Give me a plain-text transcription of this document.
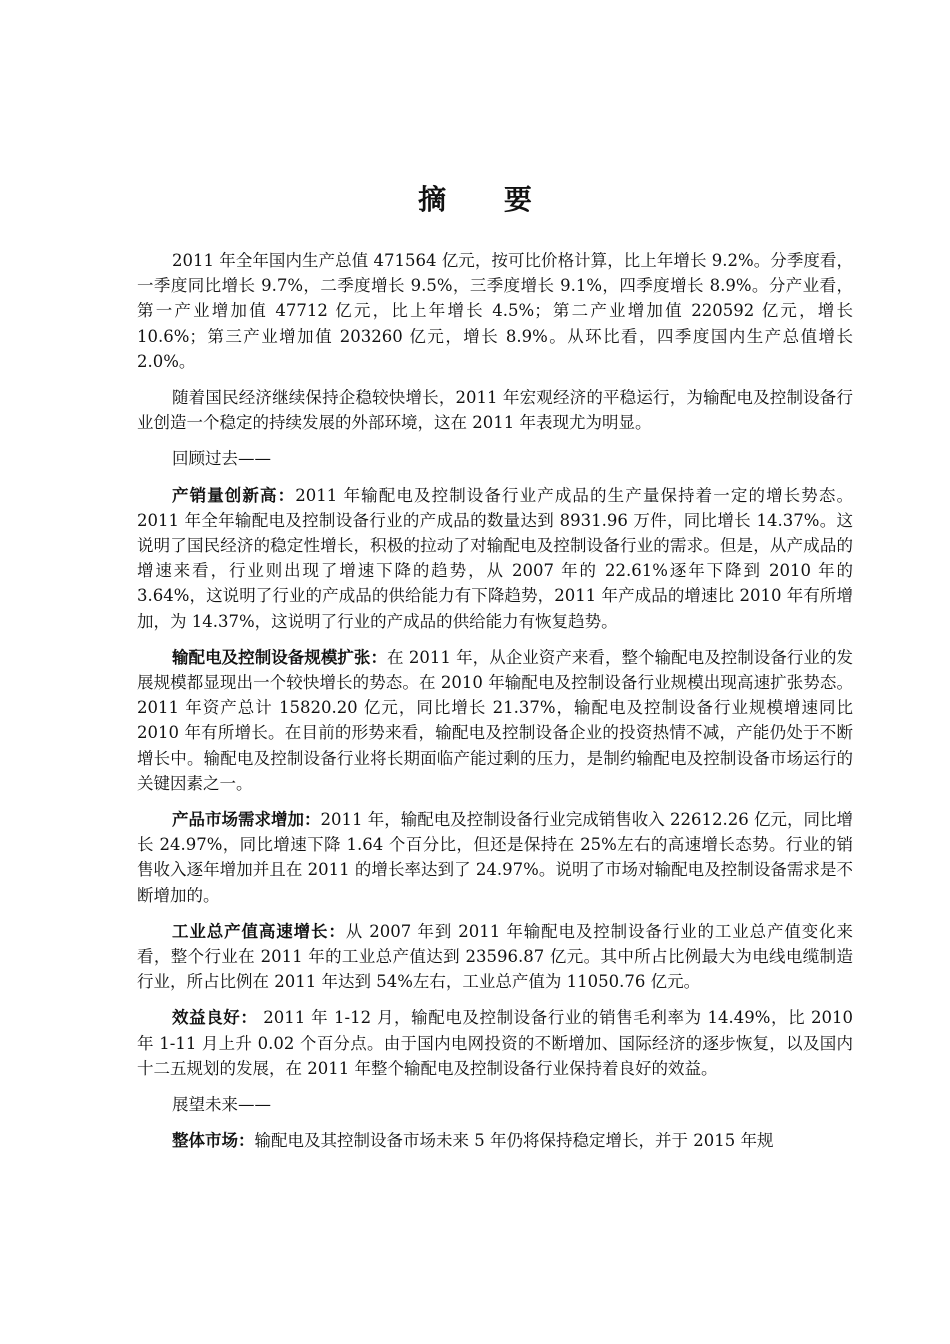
摘 要

2011 年全年国内生产总值 471564 亿元，按可比价格计算，比上年增长 9.2%。分季度看，一季度同比增长 9.7%，二季度增长 9.5%，三季度增长 9.1%，四季度增长 8.9%。分产业看，第一产业增加值 47712 亿元，比上年增长 4.5%；第二产业增加值 220592 亿元，增长 10.6%；第三产业增加值 203260 亿元，增长 8.9%。从环比看，四季度国内生产总值增长 2.0%。

随着国民经济继续保持企稳较快增长，2011 年宏观经济的平稳运行，为输配电及控制设备行业创造一个稳定的持续发展的外部环境，这在 2011 年表现尤为明显。

回顾过去——

产销量创新高：2011 年输配电及控制设备行业产成品的生产量保持着一定的增长势态。2011 年全年输配电及控制设备行业的产成品的数量达到 8931.96 万件，同比增长 14.37%。这说明了国民经济的稳定性增长，积极的拉动了对输配电及控制设备行业的需求。但是，从产成品的增速来看，行业则出现了增速下降的趋势，从 2007 年的 22.61%逐年下降到 2010 年的 3.64%，这说明了行业的产成品的供给能力有下降趋势，2011 年产成品的增速比 2010 年有所增加，为 14.37%，这说明了行业的产成品的供给能力有恢复趋势。

输配电及控制设备规模扩张：在 2011 年，从企业资产来看，整个输配电及控制设备行业的发展规模都显现出一个较快增长的势态。在 2010 年输配电及控制设备行业规模出现高速扩张势态。2011 年资产总计 15820.20 亿元，同比增长 21.37%，输配电及控制设备行业规模增速同比 2010 年有所增长。在目前的形势来看，输配电及控制设备企业的投资热情不减，产能仍处于不断增长中。输配电及控制设备行业将长期面临产能过剩的压力，是制约输配电及控制设备市场运行的关键因素之一。

产品市场需求增加：2011 年，输配电及控制设备行业完成销售收入 22612.26 亿元，同比增长 24.97%，同比增速下降 1.64 个百分比，但还是保持在 25%左右的高速增长态势。行业的销售收入逐年增加并且在 2011 的增长率达到了 24.97%。说明了市场对输配电及控制设备需求是不断增加的。

工业总产值高速增长：从 2007 年到 2011 年输配电及控制设备行业的工业总产值变化来看，整个行业在 2011 年的工业总产值达到 23596.87 亿元。其中所占比例最大为电线电缆制造行业，所占比例在 2011 年达到 54%左右，工业总产值为 11050.76 亿元。

效益良好： 2011 年 1-12 月，输配电及控制设备行业的销售毛利率为 14.49%，比 2010 年 1-11 月上升 0.02 个百分点。由于国内电网投资的不断增加、国际经济的逐步恢复，以及国内十二五规划的发展，在 2011 年整个输配电及控制设备行业保持着良好的效益。

展望未来——

整体市场：输配电及其控制设备市场未来 5 年仍将保持稳定增长，并于 2015 年规
